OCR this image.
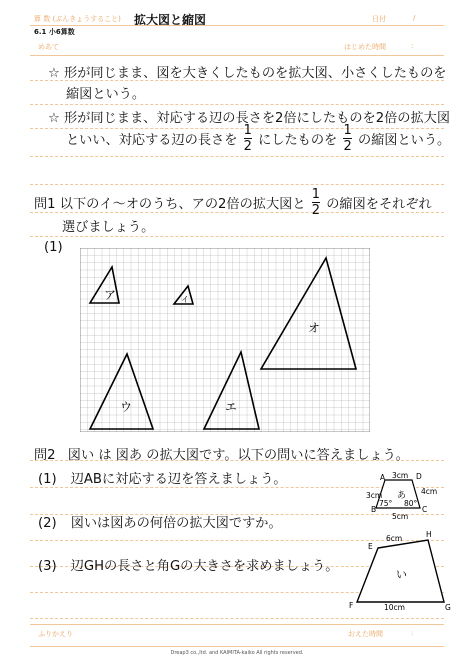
算 数 (ぶんきょうすること) 拡大図と縮図	日付	/
6.1 小6算数
めあて	はじめた時間	:
☆ 形が同じまま、図を大きくしたものを拡大図、小さくしたものを
縮図という。
☆ 形が同じまま、対応する辺の長さを2倍にしたものを2倍の拡大図
といい、対応する辺の長さを $\frac{1}{2}$ にしたものを $\frac{1}{2}$ の縮図という。
問1 以下のイ〜オのうち、アの2倍の拡大図と $\frac{1}{2}$ の縮図をそれぞれ
選びましょう。
(1)
ア	イ
ウ	エ
オ
問2 図い は 図あ の拡大図です。以下の問いに答えましょう。
(1) 辺ABに対応する辺を答えましょう。
(2) 図いは図あの何倍の拡大図ですか。
(3) 辺GHの長さと角Gの大きさを求めましょう。
3cm
A	D
3cm	4cm
B	C
75° 80°
5cm
あ
6cm
E
H
F	G
10cm
い
ふりかえり	おえた時間	:
Dreap3 co.,ltd. and KAIMITA-kaiko All rights reserved.
